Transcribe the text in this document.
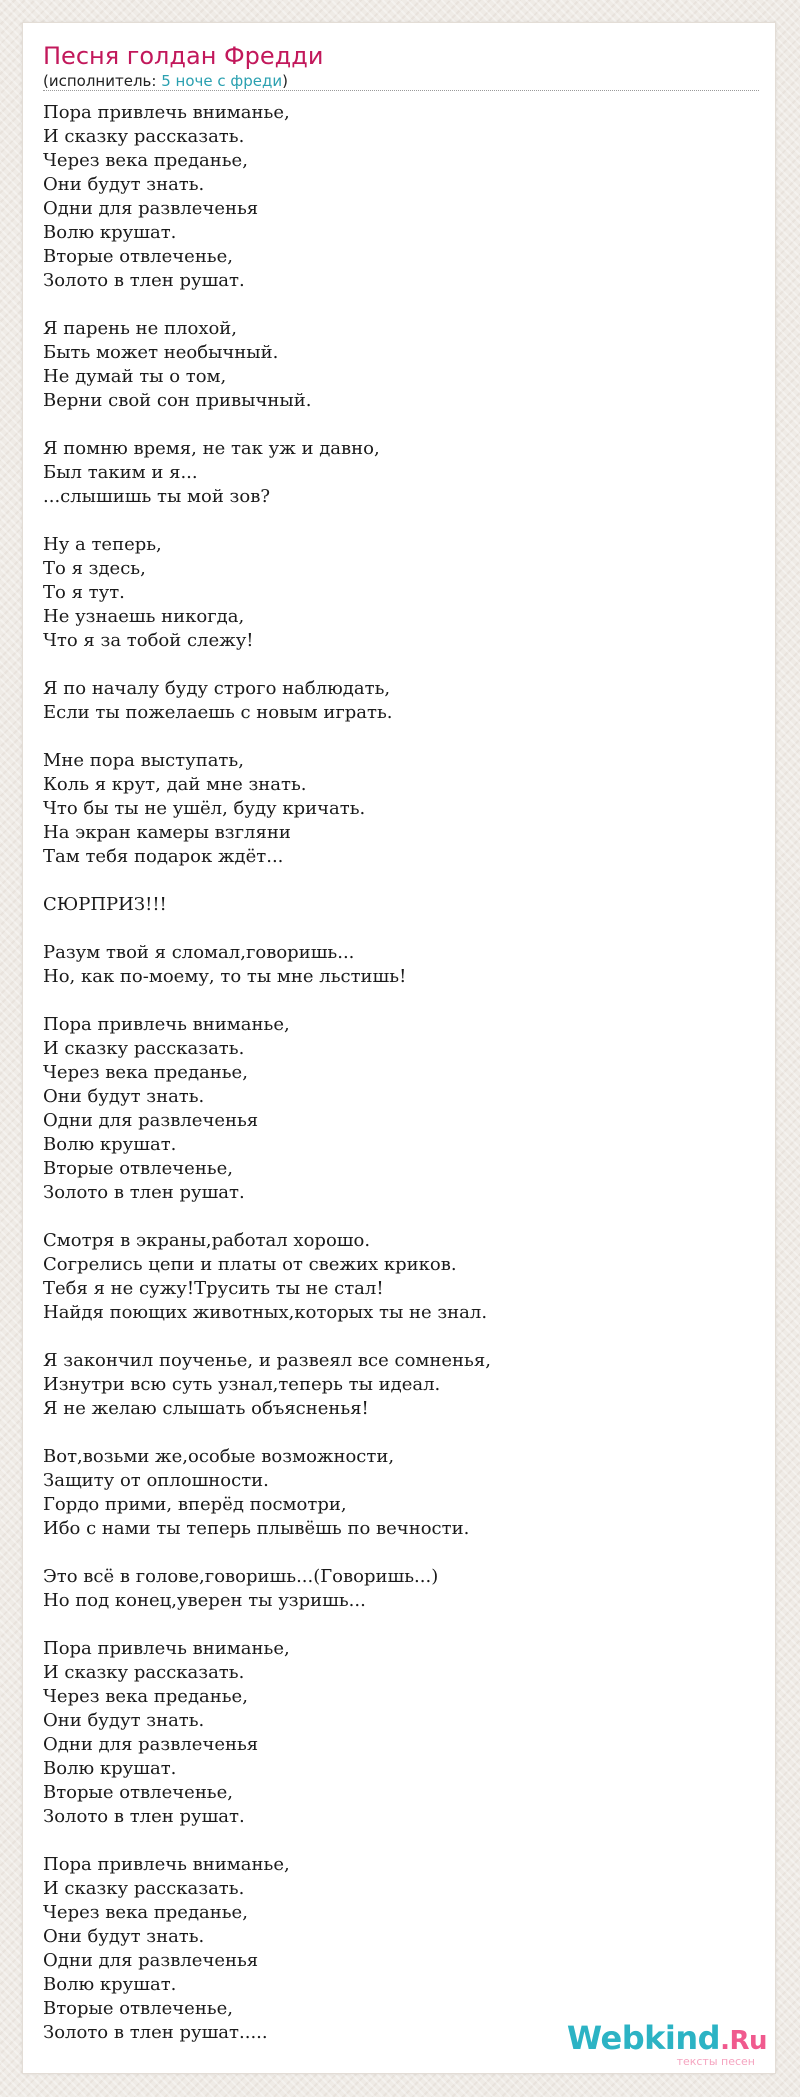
Песня голдан Фредди
(исполнитель: 5 ноче с фреди)
Пора привлечь вниманье,
И сказку рассказать.
Через века преданье,
Они будут знать.
Одни для развлеченья
Волю крушат.
Вторые отвлеченье,
Золото в тлен рушат.

Я парень не плохой,
Быть может необычный.
Не думай ты о том,
Верни свой сон привычный.

Я помню время, не так уж и давно,
Был таким и я...
...слышишь ты мой зов?

Ну а теперь,
То я здесь,
То я тут.
Не узнаешь никогда,
Что я за тобой слежу!

Я по началу буду строго наблюдать,
Если ты пожелаешь с новым играть.

Мне пора выступать,
Коль я крут, дай мне знать.
Что бы ты не ушёл, буду кричать.
На экран камеры взгляни
Там тебя подарок ждёт...

СЮРПРИЗ!!!

Разум твой я сломал,говоришь...
Но, как по-моему, то ты мне льстишь!

Пора привлечь вниманье,
И сказку рассказать.
Через века преданье,
Они будут знать.
Одни для развлеченья
Волю крушат.
Вторые отвлеченье,
Золото в тлен рушат.

Смотря в экраны,работал хорошо.
Согрелись цепи и платы от свежих криков.
Тебя я не сужу!Трусить ты не стал!
Найдя поющих животных,которых ты не знал.

Я закончил поученье, и развеял все сомненья,
Изнутри всю суть узнал,теперь ты идеал.
Я не желаю слышать объясненья!

Вот,возьми же,особые возможности,
Защиту от оплошности.
Гордо прими, вперёд посмотри,
Ибо с нами ты теперь плывёшь по вечности.

Это всё в голове,говоришь...(Говоришь...)
Но под конец,уверен ты узришь...

Пора привлечь вниманье,
И сказку рассказать.
Через века преданье,
Они будут знать.
Одни для развлеченья
Волю крушат.
Вторые отвлеченье,
Золото в тлен рушат.

Пора привлечь вниманье,
И сказку рассказать.
Через века преданье,
Они будут знать.
Одни для развлеченья
Волю крушат.
Вторые отвлеченье,
Золото в тлен рушат.....	Webkind.Ru
тексты песен
